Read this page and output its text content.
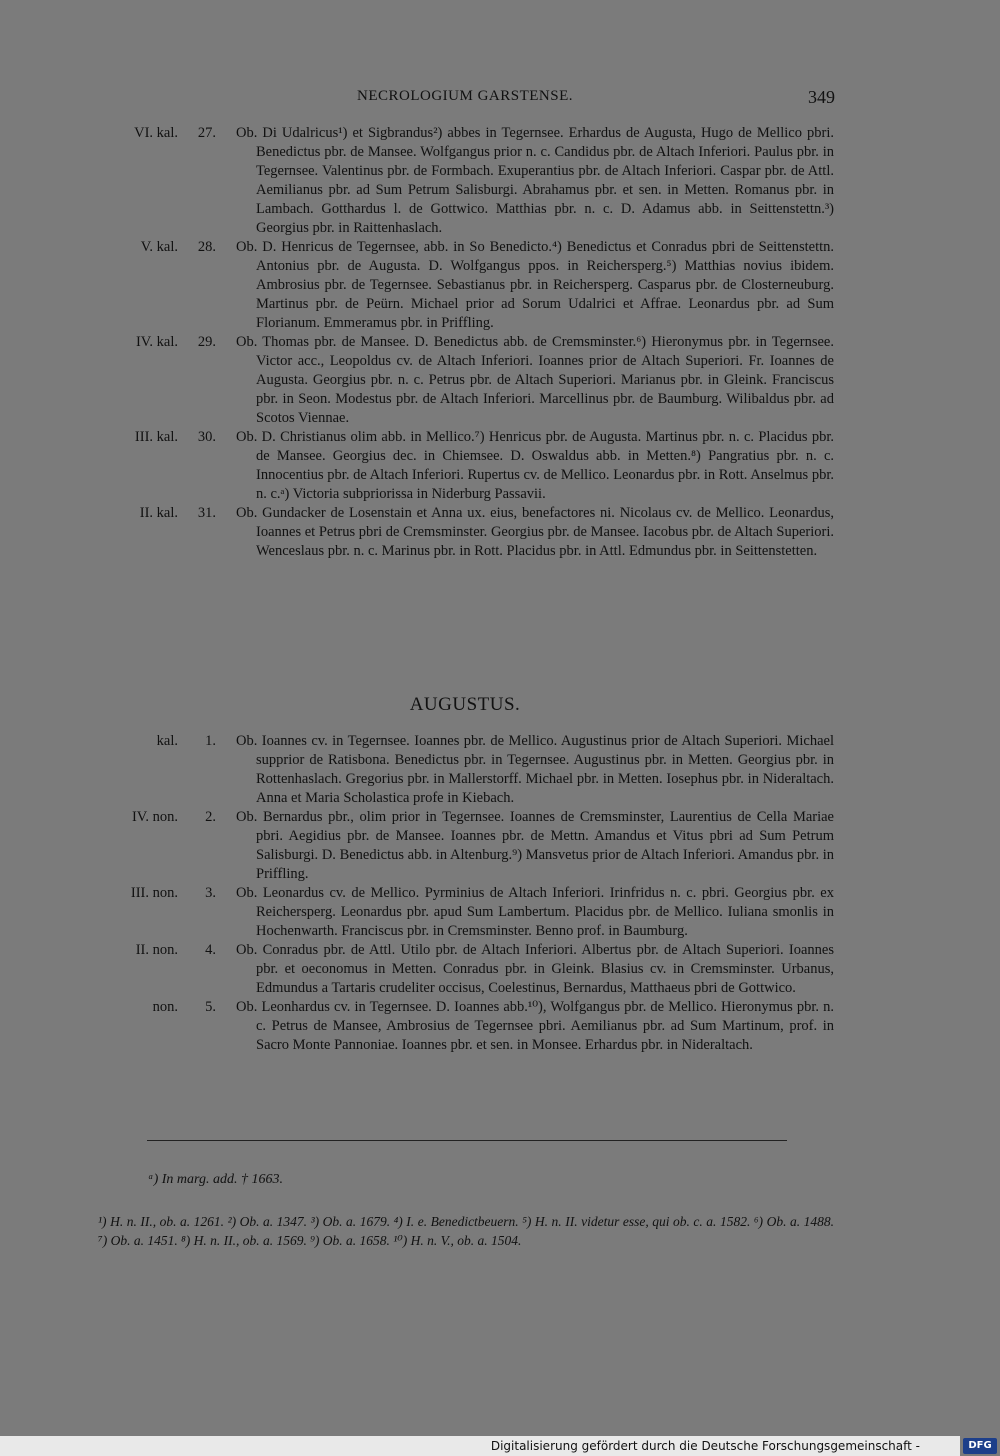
NECROLOGIUM GARSTENSE.	349
VI. kal.	27. Ob. Di Udalricus¹) et Sigbrandus²) abbes in Tegernsee. Erhardus de Augusta, Hugo de Mellico pbri. Benedictus pbr. de Mansee. Wolfgangus prior n. c. Candidus pbr. de Altach Inferiori. Paulus pbr. in Tegernsee. Valentinus pbr. de Formbach. Exuperantius pbr. de Altach Inferiori. Caspar pbr. de Attl. Aemilianus pbr. ad Sum Petrum Salisburgi. Abrahamus pbr. et sen. in Metten. Romanus pbr. in Lambach. Gotthardus l. de Gottwico. Matthias pbr. n. c. D. Adamus abb. in Seittenstettn.³) Georgius pbr. in Raittenhaslach.
V. kal.	28. Ob. D. Henricus de Tegernsee, abb. in So Benedicto.⁴) Benedictus et Conradus pbri de Seittenstettn. Antonius pbr. de Augusta. D. Wolfgangus ppos. in Reichersperg.⁵) Matthias novius ibidem. Ambrosius pbr. de Tegernsee. Sebastianus pbr. in Reichersperg. Casparus pbr. de Closterneuburg. Martinus pbr. de Peürn. Michael prior ad Sorum Udalrici et Affrae. Leonardus pbr. ad Sum Florianum. Emmeramus pbr. in Priffling.
IV. kal.	29. Ob. Thomas pbr. de Mansee. D. Benedictus abb. de Cremsminster.⁶) Hieronymus pbr. in Tegernsee. Victor acc., Leopoldus cv. de Altach Inferiori. Ioannes prior de Altach Superiori. Fr. Ioannes de Augusta. Georgius pbr. n. c. Petrus pbr. de Altach Superiori. Marianus pbr. in Gleink. Franciscus pbr. in Seon. Modestus pbr. de Altach Inferiori. Marcellinus pbr. de Baumburg. Wilibaldus pbr. ad Scotos Viennae.
III. kal.	30. Ob. D. Christianus olim abb. in Mellico.⁷) Henricus pbr. de Augusta. Martinus pbr. n. c. Placidus pbr. de Mansee. Georgius dec. in Chiemsee. D. Oswaldus abb. in Metten.⁸) Pangratius pbr. n. c. Innocentius pbr. de Altach Inferiori. Rupertus cv. de Mellico. Leonardus pbr. in Rott. Anselmus pbr. n. c.ᵃ) Victoria subpriorissa in Niderburg Passavii.
II. kal.	31. Ob. Gundacker de Losenstain et Anna ux. eius, benefactores ni. Nicolaus cv. de Mellico. Leonardus, Ioannes et Petrus pbri de Cremsminster. Georgius pbr. de Mansee. Iacobus pbr. de Altach Superiori. Wenceslaus pbr. n. c. Marinus pbr. in Rott. Placidus pbr. in Attl. Edmundus pbr. in Seittenstetten.
AUGUSTUS.
kal.	1. Ob. Ioannes cv. in Tegernsee. Ioannes pbr. de Mellico. Augustinus prior de Altach Superiori. Michael supprior de Ratisbona. Benedictus pbr. in Tegernsee. Augustinus pbr. in Metten. Georgius pbr. in Rottenhaslach. Gregorius pbr. in Mallerstorff. Michael pbr. in Metten. Iosephus pbr. in Nideraltach. Anna et Maria Scholastica profe in Kiebach.
IV. non.	2. Ob. Bernardus pbr., olim prior in Tegernsee. Ioannes de Cremsminster, Laurentius de Cella Mariae pbri. Aegidius pbr. de Mansee. Ioannes pbr. de Mettn. Amandus et Vitus pbri ad Sum Petrum Salisburgi. D. Benedictus abb. in Altenburg.⁹) Mansvetus prior de Altach Inferiori. Amandus pbr. in Priffling.
III. non.	3. Ob. Leonardus cv. de Mellico. Pyrminius de Altach Inferiori. Irinfridus n. c. pbri. Georgius pbr. ex Reichersperg. Leonardus pbr. apud Sum Lambertum. Placidus pbr. de Mellico. Iuliana smonlis in Hochenwarth. Franciscus pbr. in Cremsminster. Benno prof. in Baumburg.
II. non.	4. Ob. Conradus pbr. de Attl. Utilo pbr. de Altach Inferiori. Albertus pbr. de Altach Superiori. Ioannes pbr. et oeconomus in Metten. Conradus pbr. in Gleink. Blasius cv. in Cremsminster. Urbanus, Edmundus a Tartaris crudeliter occisus, Coelestinus, Bernardus, Matthaeus pbri de Gottwico.
non.	5. Ob. Leonhardus cv. in Tegernsee. D. Ioannes abb.¹⁰), Wolfgangus pbr. de Mellico. Hieronymus pbr. n. c. Petrus de Mansee, Ambrosius de Tegernsee pbri. Aemilianus pbr. ad Sum Martinum, prof. in Sacro Monte Pannoniae. Ioannes pbr. et sen. in Monsee. Erhardus pbr. in Nideraltach.
ᵃ) In marg. add. † 1663.
¹) H. n. II., ob. a. 1261. ²) Ob. a. 1347. ³) Ob. a. 1679. ⁴) I. e. Benedictbeuern. ⁵) H. n. II. videtur esse, qui ob. c. a. 1582. ⁶) Ob. a. 1488. ⁷) Ob. a. 1451. ⁸) H. n. II., ob. a. 1569. ⁹) Ob. a. 1658. ¹⁰) H. n. V., ob. a. 1504.
Digitalisierung gefördert durch die Deutsche Forschungsgemeinschaft -	DFG
